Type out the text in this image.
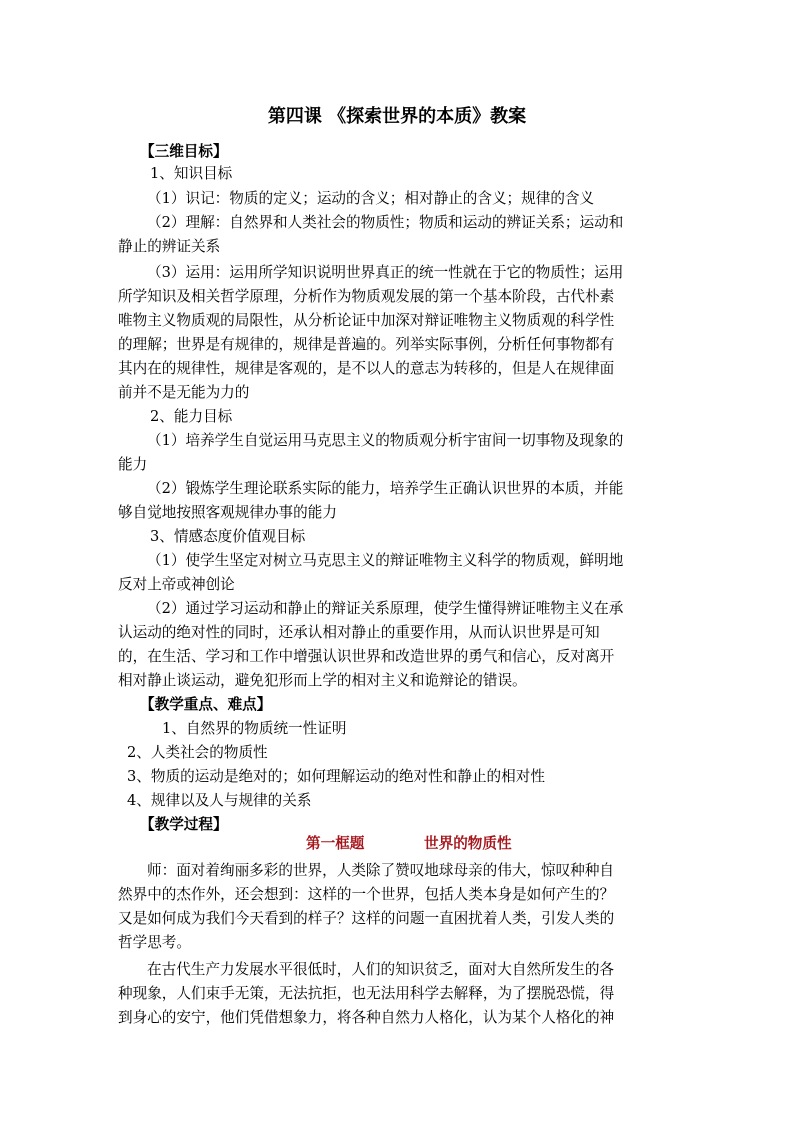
第四课 《探索世界的本质》教案
【三维目标】
1、知识目标
（1）识记：物质的定义；运动的含义；相对静止的含义；规律的含义
（2）理解：自然界和人类社会的物质性；物质和运动的辨证关系；运动和
静止的辨证关系
（3）运用：运用所学知识说明世界真正的统一性就在于它的物质性；运用
所学知识及相关哲学原理，分析作为物质观发展的第一个基本阶段，古代朴素
唯物主义物质观的局限性，从分析论证中加深对辩证唯物主义物质观的科学性
的理解；世界是有规律的，规律是普遍的。列举实际事例，分析任何事物都有
其内在的规律性，规律是客观的，是不以人的意志为转移的，但是人在规律面
前并不是无能为力的
2、能力目标
（1）培养学生自觉运用马克思主义的物质观分析宇宙间一切事物及现象的
能力
（2）锻炼学生理论联系实际的能力，培养学生正确认识世界的本质，并能
够自觉地按照客观规律办事的能力
3、情感态度价值观目标
（1）使学生坚定对树立马克思主义的辩证唯物主义科学的物质观，鲜明地
反对上帝或神创论
（2）通过学习运动和静止的辩证关系原理，使学生懂得辨证唯物主义在承
认运动的绝对性的同时，还承认相对静止的重要作用，从而认识世界是可知
的，在生活、学习和工作中增强认识世界和改造世界的勇气和信心，反对离开
相对静止谈运动，避免犯形而上学的相对主义和诡辩论的错误。
【教学重点、难点】
1、自然界的物质统一性证明
2、人类社会的物质性
3、物质的运动是绝对的；如何理解运动的绝对性和静止的相对性
4、规律以及人与规律的关系
【教学过程】
第一框题	世界的物质性
师：面对着绚丽多彩的世界，人类除了赞叹地球母亲的伟大，惊叹种种自
然界中的杰作外，还会想到：这样的一个世界，包括人类本身是如何产生的？
又是如何成为我们今天看到的样子？这样的问题一直困扰着人类，引发人类的
哲学思考。
在古代生产力发展水平很低时，人们的知识贫乏，面对大自然所发生的各
种现象，人们束手无策，无法抗拒，也无法用科学去解释，为了摆脱恐慌，得
到身心的安宁，他们凭借想象力，将各种自然力人格化，认为某个人格化的神
